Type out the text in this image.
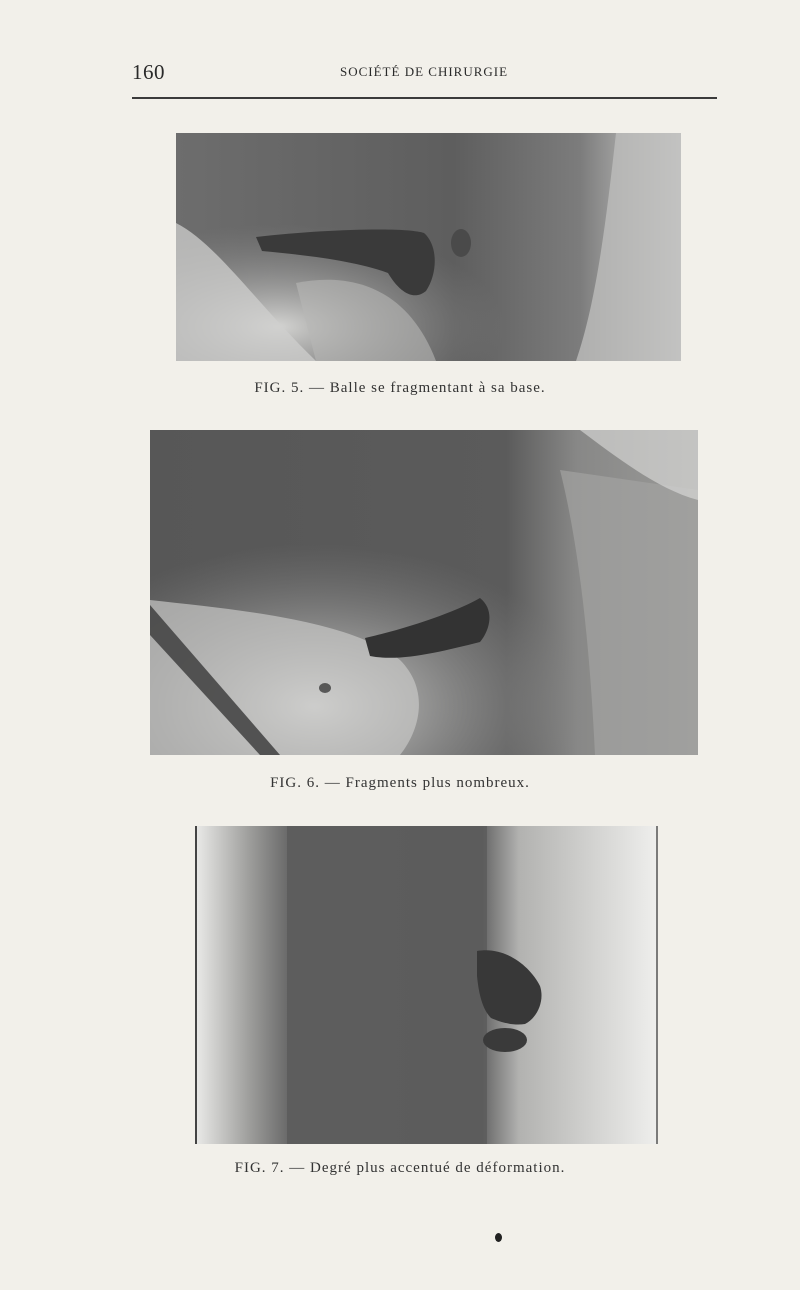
160	SOCIÉTÉ DE CHIRURGIE
FIG. 5. — Balle se fragmentant à sa base.
FIG. 6. — Fragments plus nombreux.
FIG. 7. — Degré plus accentué de déformation.
